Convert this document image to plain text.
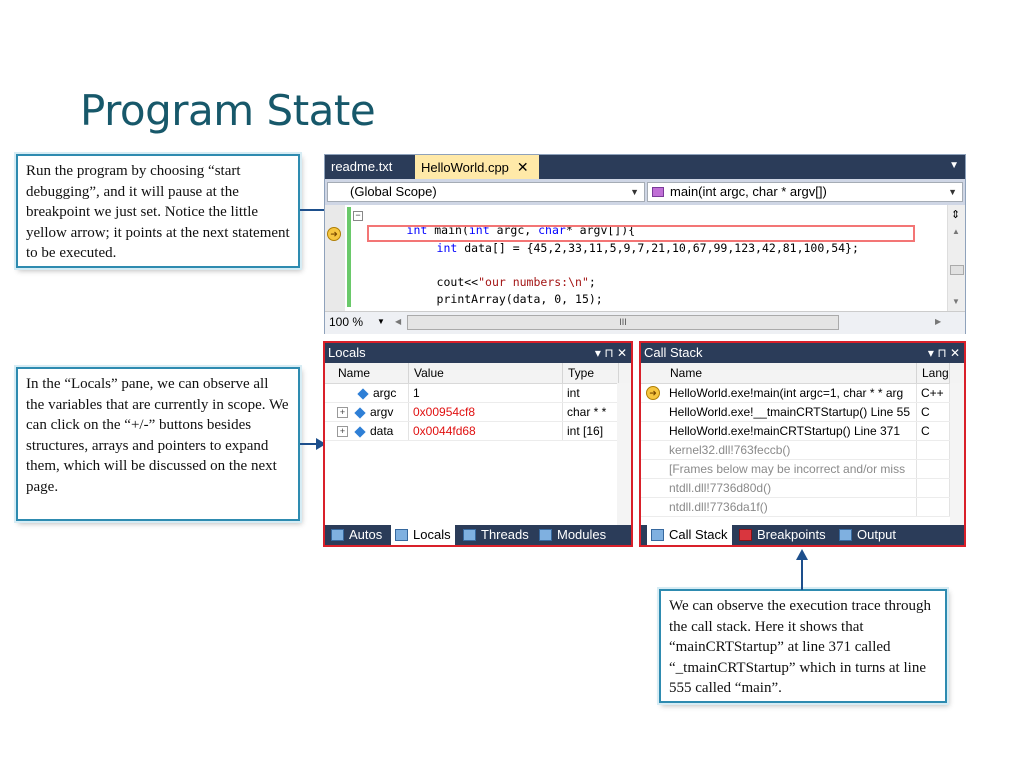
Program State
Run the program by choosing “start debugging”, and it will pause at the breakpoint we just set. Notice the little yellow arrow; it points at the next statement to be executed.
In the “Locals” pane, we can observe all the variables that are currently in scope. We can click on the “+/-” buttons besides structures, arrays and pointers to expand them, which will be discussed on the next page.
We can observe the execution trace through the call stack. Here it shows that “mainCRTStartup” at line 371 called “_tmainCRTStartup” which in turns at line 555 called “main”.
readme.txt	HelloWorld.cpp ✕	▼
(Global Scope)	▼	main(int argc, char * argv[])	▼
➜
−

int main(int argc, char* argv[]){

int data[] = {45,2,33,11,5,9,7,21,10,67,99,123,42,81,100,54};

cout<<"our numbers:\n";

printArray(data, 0, 15);

⇕
▲
▼
100 % ▼ ◀	III	▶
Locals	▾ ⊓ ✕
Name	Value	Type
argc	1	int
+ argv	0x00954cf8	char * *
+ data	0x0044fd68	int [16]
Autos	Locals	Threads	Modules
Call Stack	▾ ⊓ ✕
Name	Lang
➜	HelloWorld.exe!main(int argc=1, char * * arg	C++
HelloWorld.exe!__tmainCRTStartup() Line 55 C
HelloWorld.exe!mainCRTStartup() Line 371	C
kernel32.dll!763feccb()
[Frames below may be incorrect and/or miss
ntdll.dll!7736d80d()
ntdll.dll!7736da1f()
Call Stack	Breakpoints	Output
